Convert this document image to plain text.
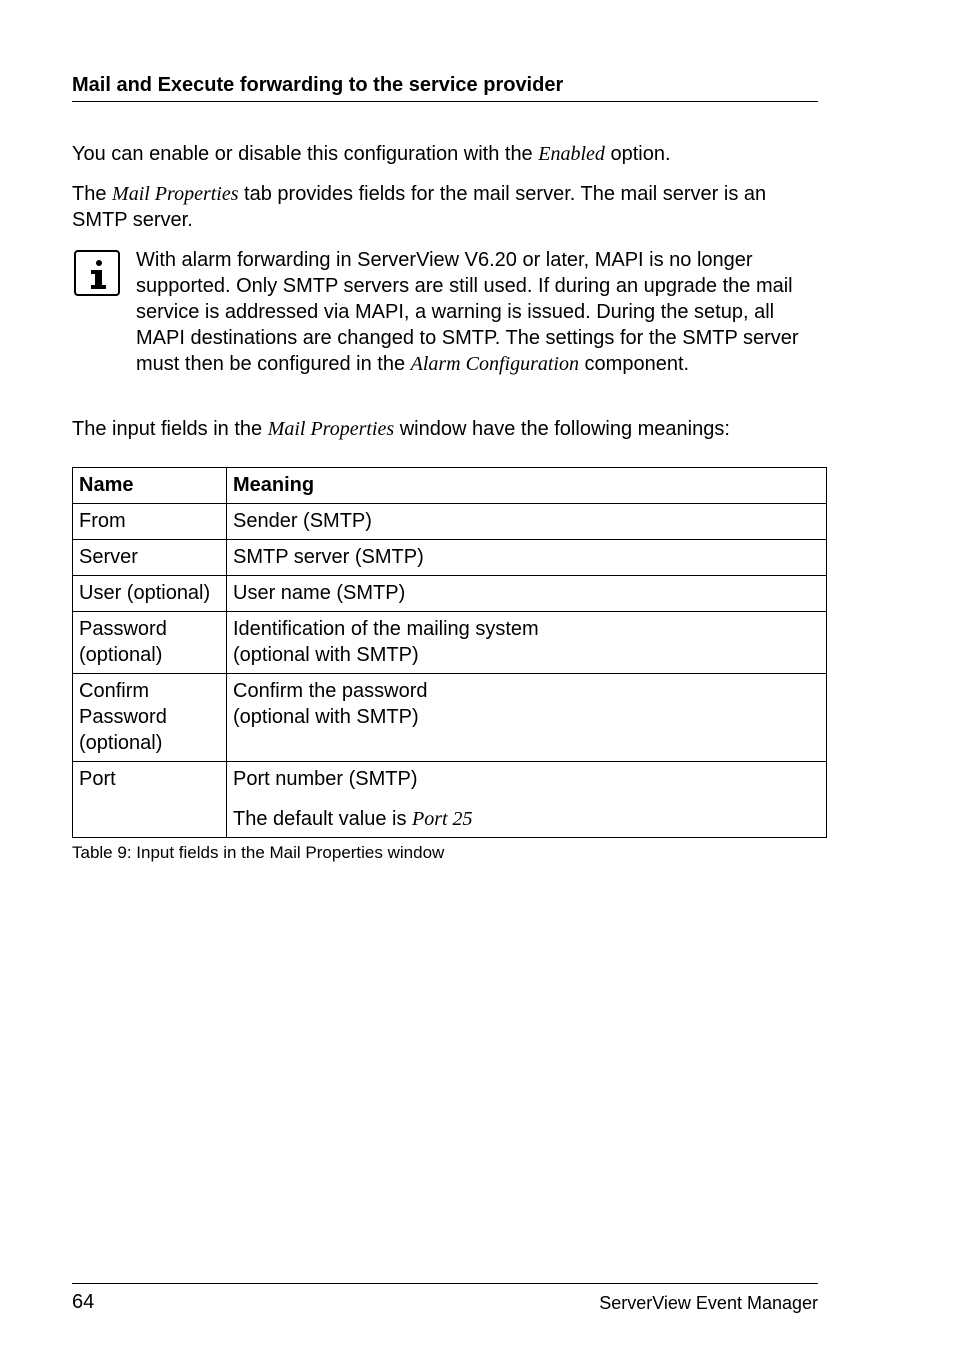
Mail and Execute forwarding to the service provider

You can enable or disable this configuration with the Enabled option.

The Mail Properties tab provides fields for the mail server. The mail server is an SMTP server.

With alarm forwarding in ServerView V6.20 or later, MAPI is no longer supported. Only SMTP servers are still used. If during an upgrade the mail service is addressed via MAPI, a warning is issued. During the setup, all MAPI destinations are changed to SMTP. The settings for the SMTP server must then be configured in the Alarm Configuration component.

The input fields in the Mail Properties window have the following meanings:

Name	Meaning

From	Sender (SMTP)

Server	SMTP server (SMTP)

User (optional)	User name (SMTP)

Password
(optional)	Identification of the mailing system
(optional with SMTP)

Confirm
Password
(optional)	Confirm the password
(optional with SMTP)

Port	Port number (SMTP)
The default value is Port 25
Table 9: Input fields in the Mail Properties window
64	ServerView Event Manager
